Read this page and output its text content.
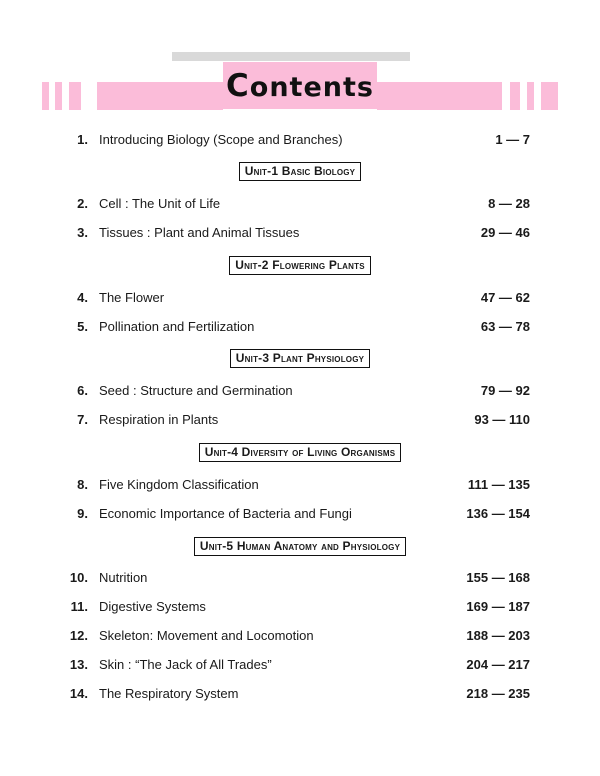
Contents
1. Introducing Biology (Scope and Branches)	1 — 7
Unit-1 Basic Biology
2. Cell : The Unit of Life	8 — 28
3. Tissues : Plant and Animal Tissues	29 — 46
Unit-2 Flowering Plants
4. The Flower	47 — 62
5. Pollination and Fertilization	63 — 78
Unit-3 Plant Physiology
6. Seed : Structure and Germination	79 — 92
7. Respiration in Plants	93 — 110
Unit-4 Diversity of Living Organisms
8. Five Kingdom Classification	111 — 135
9. Economic Importance of Bacteria and Fungi	136 — 154
Unit-5 Human Anatomy and Physiology
10. Nutrition	155 — 168
11. Digestive Systems	169 — 187
12. Skeleton: Movement and Locomotion	188 — 203
13. Skin : “The Jack of All Trades”	204 — 217
14. The Respiratory System	218 — 235
